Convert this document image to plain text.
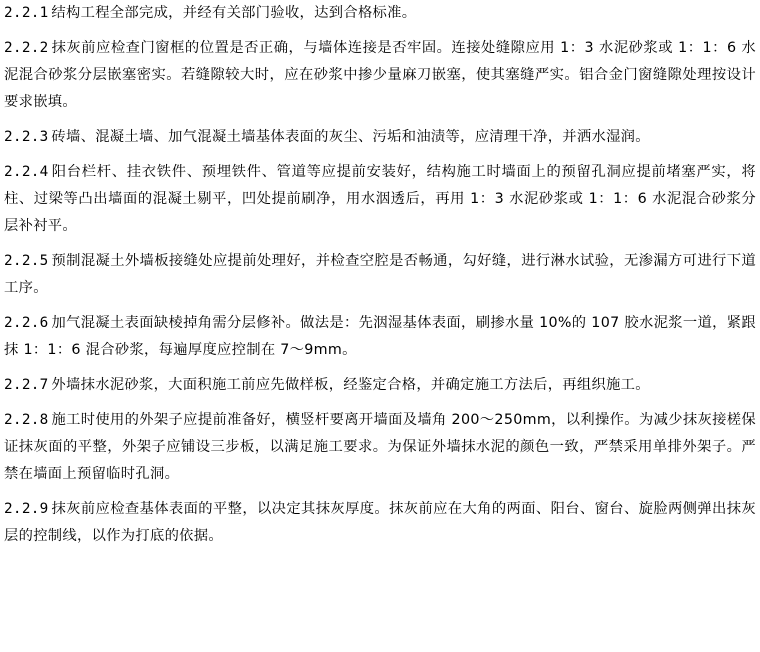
2.2.1 结构工程全部完成，并经有关部门验收，达到合格标准。

2.2.2 抹灰前应检查门窗框的位置是否正确，与墙体连接是否牢固。连接处缝隙应用 1：3 水泥砂浆或 1：1：6 水泥混合砂浆分层嵌塞密实。若缝隙较大时，应在砂浆中掺少量麻刀嵌塞，使其塞缝严实。铝合金门窗缝隙处理按设计要求嵌填。

2.2.3 砖墙、混凝土墙、加气混凝土墙基体表面的灰尘、污垢和油渍等，应清理干净，并洒水湿润。

2.2.4 阳台栏杆、挂衣铁件、预埋铁件、管道等应提前安装好，结构施工时墙面上的预留孔洞应提前堵塞严实，将柱、过梁等凸出墙面的混凝土剔平，凹处提前刷净，用水洇透后，再用 1：3 水泥砂浆或 1：1：6 水泥混合砂浆分层补衬平。

2.2.5 预制混凝土外墙板接缝处应提前处理好，并检查空腔是否畅通，勾好缝，进行淋水试验，无渗漏方可进行下道工序。

2.2.6 加气混凝土表面缺棱掉角需分层修补。做法是：先洇湿基体表面，刷掺水量 10%的 107 胶水泥浆一道，紧跟抹 1：1：6 混合砂浆，每遍厚度应控制在 7～9mm。

2.2.7 外墙抹水泥砂浆，大面积施工前应先做样板，经鉴定合格，并确定施工方法后，再组织施工。

2.2.8 施工时使用的外架子应提前准备好，横竖杆要离开墙面及墙角 200～250mm，以利操作。为减少抹灰接槎保证抹灰面的平整，外架子应铺设三步板，以满足施工要求。为保证外墙抹水泥的颜色一致，严禁采用单排外架子。严禁在墙面上预留临时孔洞。

2.2.9 抹灰前应检查基体表面的平整，以决定其抹灰厚度。抹灰前应在大角的两面、阳台、窗台、旋脸两侧弹出抹灰层的控制线，以作为打底的依据。
